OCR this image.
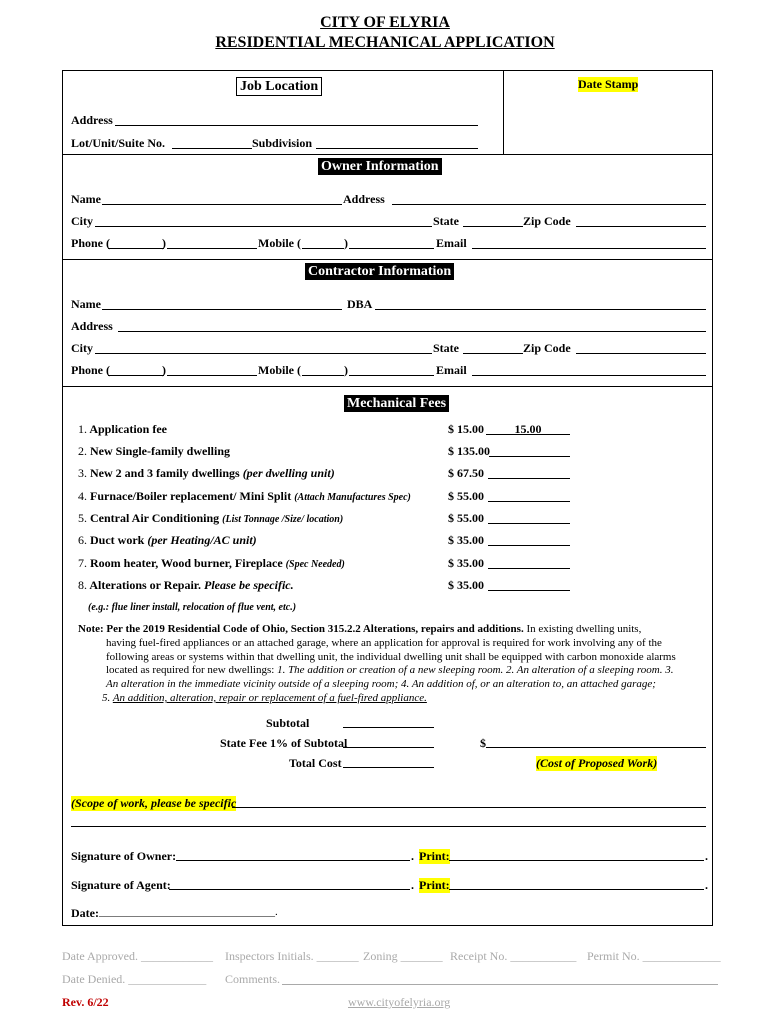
CITY OF ELYRIA
RESIDENTIAL MECHANICAL APPLICATION
Job Location	Date Stamp
Address
Lot/Unit/Suite No.	Subdivision
Owner Information
Name	Address
City	State	Zip Code
Phone (	)	Mobile (	)	Email
Contractor Information
Name	DBA
Address
City	State	Zip Code
Phone (	)	Mobile (	)	Email
Mechanical Fees
1. Application fee	$ 15.00	15.00
2. New Single-family dwelling	$ 135.00
3. New 2 and 3 family dwellings (per dwelling unit)	$ 67.50
4. Furnace/Boiler replacement/ Mini Split (Attach Manufactures Spec)	$ 55.00
5. Central Air Conditioning (List Tonnage /Size/ location)	$ 55.00
6. Duct work (per Heating/AC unit)	$ 35.00
7. Room heater, Wood burner, Fireplace (Spec Needed)	$ 35.00
8. Alterations or Repair. Please be specific.	$ 35.00
(e.g.: flue liner install, relocation of flue vent, etc.)
Note: Per the 2019 Residential Code of Ohio, Section 315.2.2 Alterations, repairs and additions. In existing dwelling units,
having fuel-fired appliances or an attached garage, where an application for approval is required for work involving any of the
following areas or systems within that dwelling unit, the individual dwelling unit shall be equipped with carbon monoxide alarms
located as required for new dwellings: 1. The addition or creation of a new sleeping room. 2. An alteration of a sleeping room. 3.
An alteration in the immediate vicinity outside of a sleeping room; 4. An addition of, or an alteration to, an attached garage;
5. An addition, alteration, repair or replacement of a fuel-fired appliance.
Subtotal
State Fee 1% of Subtotal	$
Total Cost	(Cost of Proposed Work)
(Scope of work, please be specific
Signature of Owner:	. Print:	.
Signature of Agent:	. Print:	.
Date: ________________________________.
Date Approved. ____________ Inspectors Initials. _______ Zoning _______ Receipt No. ___________ Permit No. _____________
Date Denied. _____________ Comments.
Rev. 6/22	www.cityofelyria.org
